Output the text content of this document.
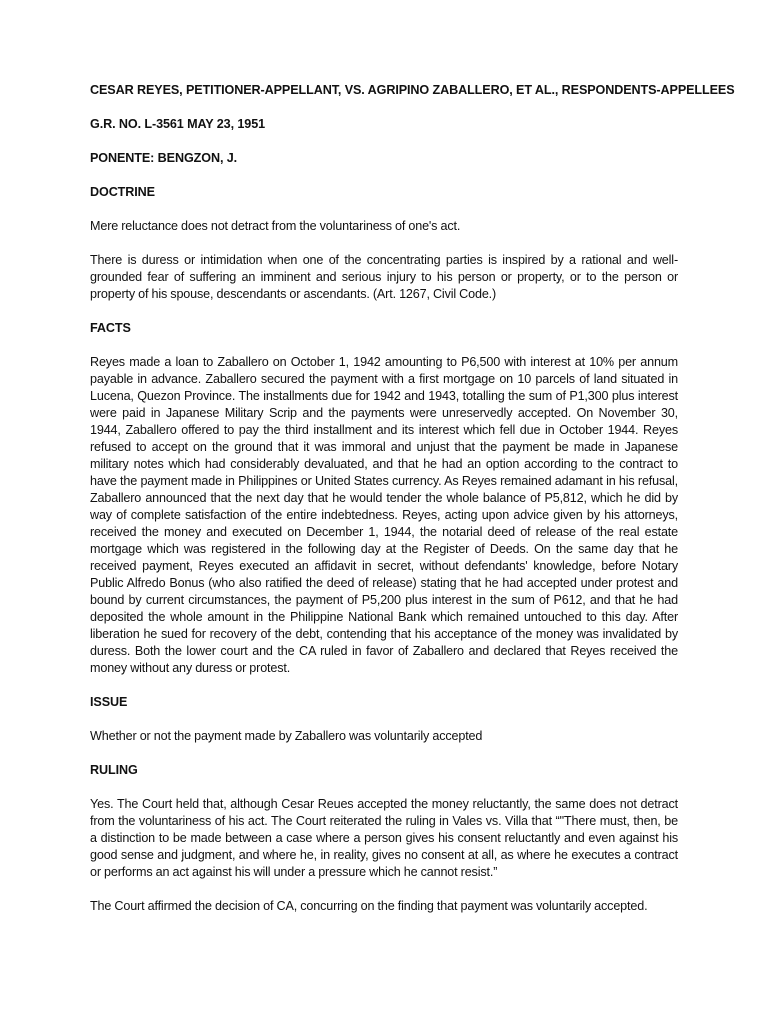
CESAR REYES, PETITIONER-APPELLANT, VS. AGRIPINO ZABALLERO, ET AL., RESPONDENTS-APPELLEES

G.R. NO. L-3561 MAY 23, 1951

PONENTE: BENGZON, J.

DOCTRINE

Mere reluctance does not detract from the voluntariness of one's act.

There is duress or intimidation when one of the concentrating parties is inspired by a rational and well-grounded fear of suffering an imminent and serious injury to his person or property, or to the person or property of his spouse, descendants or ascendants. (Art. 1267, Civil Code.)

FACTS

Reyes made a loan to Zaballero on October 1, 1942 amounting to P6,500 with interest at 10% per annum payable in advance. Zaballero secured the payment with a first mortgage on 10 parcels of land situated in Lucena, Quezon Province. The installments due for 1942 and 1943, totalling the sum of P1,300 plus interest were paid in Japanese Military Scrip and the payments were unreservedly accepted. On November 30, 1944, Zaballero offered to pay the third installment and its interest which fell due in October 1944. Reyes refused to accept on the ground that it was immoral and unjust that the payment be made in Japanese military notes which had considerably devaluated, and that he had an option according to the contract to have the payment made in Philippines or United States currency. As Reyes remained adamant in his refusal, Zaballero announced that the next day that he would tender the whole balance of P5,812, which he did by way of complete satisfaction of the entire indebtedness. Reyes, acting upon advice given by his attorneys, received the money and executed on December 1, 1944, the notarial deed of release of the real estate mortgage which was registered in the following day at the Register of Deeds. On the same day that he received payment, Reyes executed an affidavit in secret, without defendants' knowledge, before Notary Public Alfredo Bonus (who also ratified the deed of release) stating that he had accepted under protest and bound by current circumstances, the payment of P5,200 plus interest in the sum of P612, and that he had deposited the whole amount in the Philippine National Bank which remained untouched to this day. After liberation he sued for recovery of the debt, contending that his acceptance of the money was invalidated by duress. Both the lower court and the CA ruled in favor of Zaballero and declared that Reyes received the money without any duress or protest.

ISSUE

Whether or not the payment made by Zaballero was voluntarily accepted

RULING

Yes. The Court held that, although Cesar Reues accepted the money reluctantly, the same does not detract from the voluntariness of his act. The Court reiterated the ruling in Vales vs. Villa that “"There must, then, be a distinction to be made between a case where a person gives his consent reluctantly and even against his good sense and judgment, and where he, in reality, gives no consent at all, as where he executes a contract or performs an act against his will under a pressure which he cannot resist.”

The Court affirmed the decision of CA, concurring on the finding that payment was voluntarily accepted.
